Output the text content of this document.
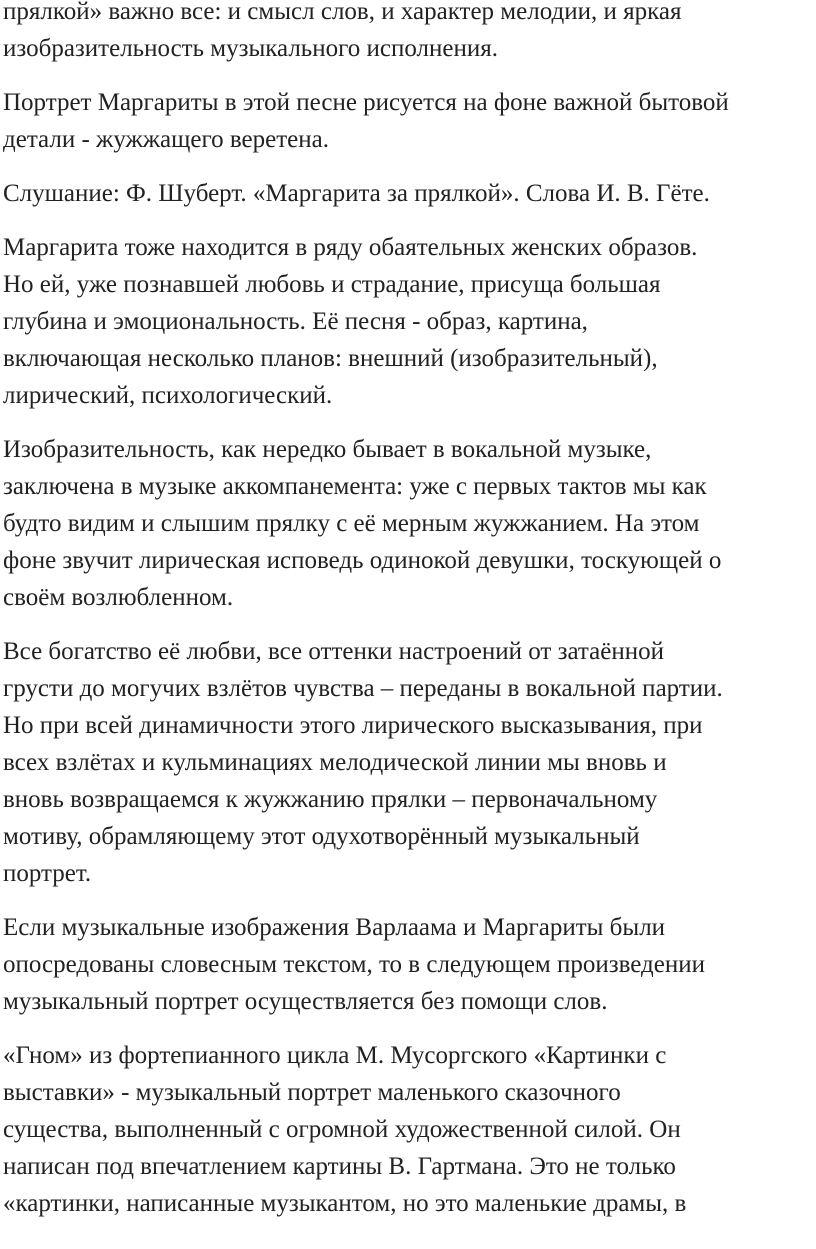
прялкой» важно все: и смысл слов, и характер мелодии, и яркая
изобразительность музыкального исполнения.

Портрет Маргариты в этой песне рисуется на фоне важной бытовой
детали - жужжащего веретена.

Слушание: Ф. Шуберт. «Маргарита за прялкой». Слова И. В. Гёте.

Маргарита тоже находится в ряду обаятельных женских образов.
Но ей, уже познавшей любовь и страдание, присуща большая
глубина и эмоциональность. Её песня - образ, картина,
включающая несколько планов: внешний (изобразительный),
лирический, психологический.

Изобразительность, как нередко бывает в вокальной музыке,
заключена в музыке аккомпанемента: уже с первых тактов мы как
будто видим и слышим прялку с её мерным жужжанием. На этом
фоне звучит лирическая исповедь одинокой девушки, тоскующей о
своём возлюбленном.

Все богатство её любви, все оттенки настроений от затаённой
грусти до могучих взлётов чувства – переданы в вокальной партии.
Но при всей динамичности этого лирического высказывания, при
всех взлётах и кульминациях мелодической линии мы вновь и
вновь возвращаемся к жужжанию прялки – первоначальному
мотиву, обрамляющему этот одухотворённый музыкальный
портрет.

Если музыкальные изображения Варлаама и Маргариты были
опосредованы словесным текстом, то в следующем произведении
музыкальный портрет осуществляется без помощи слов.

«Гном» из фортепианного цикла М. Мусоргского «Картинки с
выставки» - музыкальный портрет маленького сказочного
существа, выполненный с огромной художественной силой. Он
написан под впечатлением картины В. Гартмана. Это не только
«картинки, написанные музыкантом, но это маленькие драмы, в
